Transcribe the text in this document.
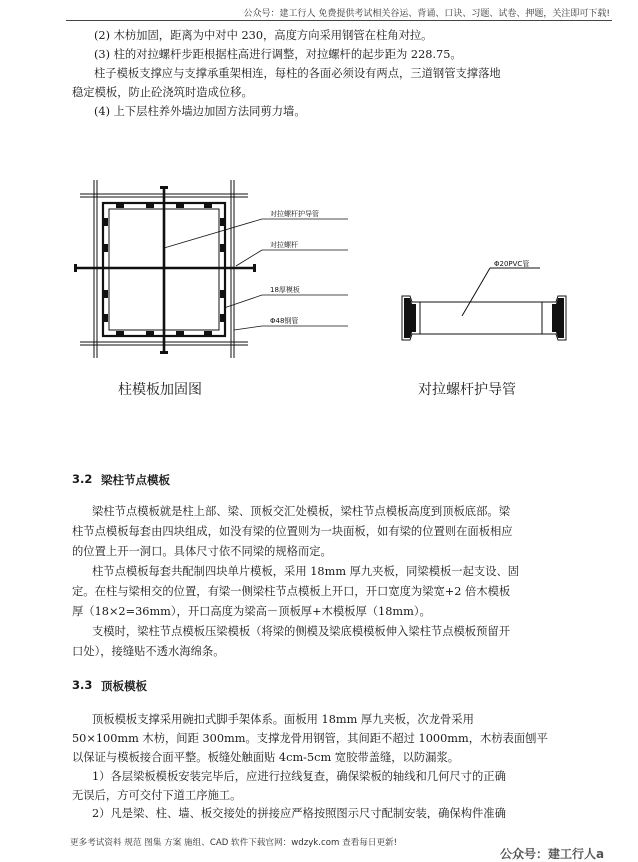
公众号：建工行人 免费提供考试相关谷运、背诵、口诀、习题、试卷、押题，关注即可下载!
(2) 木枋加固，距离为中对中 230，高度方向采用钢管在柱角对拉。
(3) 柱的对拉螺杆步距根据柱高进行调整，对拉螺杆的起步距为 228.75。
柱子模板支撑应与支撑承重架相连，每柱的各面必须设有两点，三道钢管支撑落地
稳定模板，防止砼浇筑时造成位移。
(4) 上下层柱养外墙边加固方法同剪力墙。
对拉螺杆护导管
对拉螺杆
18厚模板
Φ48钢管
柱模板加固图
Φ20PVC管
对拉螺杆护导管
3.2 梁柱节点模板
梁柱节点模板就是柱上部、梁、顶板交汇处模板，梁柱节点模板高度到顶板底部。梁
柱节点模板每套由四块组成，如没有梁的位置则为一块面板，如有梁的位置则在面板相应
的位置上开一洞口。具体尺寸依不同梁的规格而定。
柱节点模板每套共配制四块单片模板，采用 18mm 厚九夹板，同梁模板一起支设、固
定。在柱与梁相交的位置，有梁一侧梁柱节点模板上开口，开口宽度为梁宽+2 倍木模板
厚（18×2=36mm），开口高度为梁高－顶板厚+木模板厚（18mm）。
支模时，梁柱节点模板压梁模板（将梁的侧模及梁底模模板伸入梁柱节点模板预留开
口处），接缝贴不透水海绵条。
3.3 顶板模板
顶板模板支撑采用碗扣式脚手架体系。面板用 18mm 厚九夹板，次龙骨采用
50×100mm 木枋，间距 300mm。支撑龙骨用钢管，其间距不超过 1000mm，木枋表面刨平
以保证与模板接合面平整。板缝处触面贴 4cm-5cm 宽胶带盖缝，以防漏浆。
1）各层梁板模板安装完毕后，应进行拉线复查，确保梁板的轴线和几何尺寸的正确
无误后，方可交付下道工序施工。
2）凡是梁、柱、墙、板交接处的拼接应严格按照图示尺寸配制安装，确保构件准确
更多考试资料 规范 图集 方案 施组、CAD 软件下载官网：wdzyk.com 查看每日更新!
公众号：建工行人a
